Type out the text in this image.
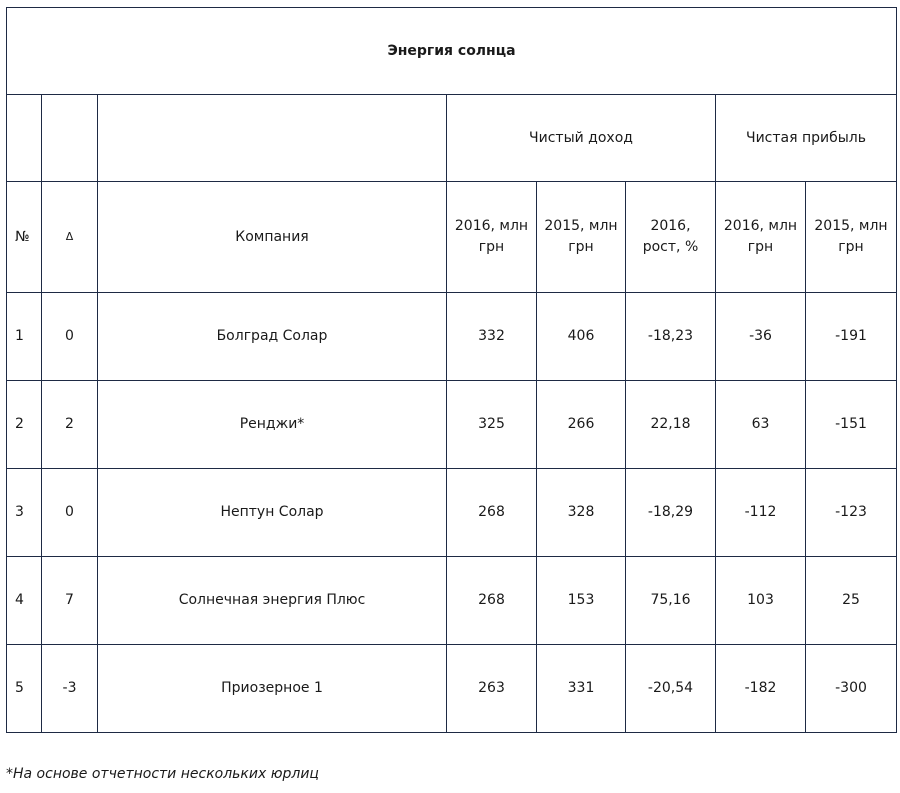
Энергия солнца							
			Чистый доход			Чистая прибыль	
№	Δ	Компания	2016, млн грн	2015, млн грн	2016, рост, %	2016, млн грн	2015, млн грн
1	0	Болград Солар	332	406	-18,23	-36	-191
2	2	Ренджи*	325	266	22,18	63	-151
3	0	Нептун Солар	268	328	-18,29	-112	-123
4	7	Солнечная энергия Плюс	268	153	75,16	103	25
5	-3	Приозерное 1	263	331	-20,54	-182	-300
*На основе отчетности нескольких юрлиц
